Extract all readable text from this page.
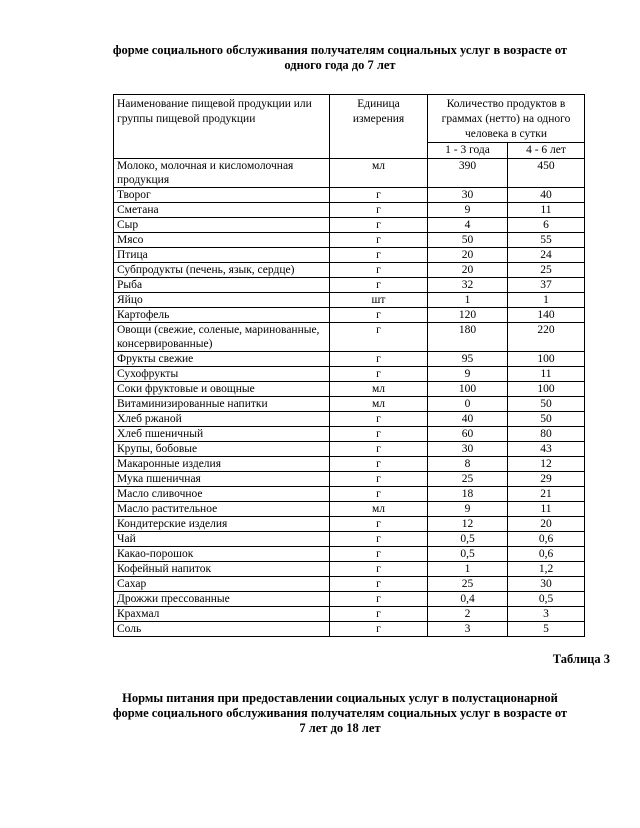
форме социального обслуживания получателям социальных услуг в возрасте от
одного года до 7 лет
Наименование пищевой продукции или группы пищевой продукции	Единица измерения	Количество продуктов в граммах (нетто) на одного человека в сутки	
		1 - 3 года	4 - 6 лет
Молоко, молочная и кисломолочная продукция	мл	390	450
Творог	г	30	40
Сметана	г	9	11
Сыр	г	4	6
Мясо	г	50	55
Птица	г	20	24
Субпродукты (печень, язык, сердце)	г	20	25
Рыба	г	32	37
Яйцо	шт	1	1
Картофель	г	120	140
Овощи (свежие, соленые, маринованные, консервированные)	г	180	220
Фрукты свежие	г	95	100
Сухофрукты	г	9	11
Соки фруктовые и овощные	мл	100	100
Витаминизированные напитки	мл	0	50
Хлеб ржаной	г	40	50
Хлеб пшеничный	г	60	80
Крупы, бобовые	г	30	43
Макаронные изделия	г	8	12
Мука пшеничная	г	25	29
Масло сливочное	г	18	21
Масло растительное	мл	9	11
Кондитерские изделия	г	12	20
Чай	г	0,5	0,6
Какао-порошок	г	0,5	0,6
Кофейный напиток	г	1	1,2
Сахар	г	25	30
Дрожжи прессованные	г	0,4	0,5
Крахмал	г	2	3
Соль	г	3	5
Таблица 3
Нормы питания при предоставлении социальных услуг в полустационарной
форме социального обслуживания получателям социальных услуг в возрасте от
7 лет до 18 лет
